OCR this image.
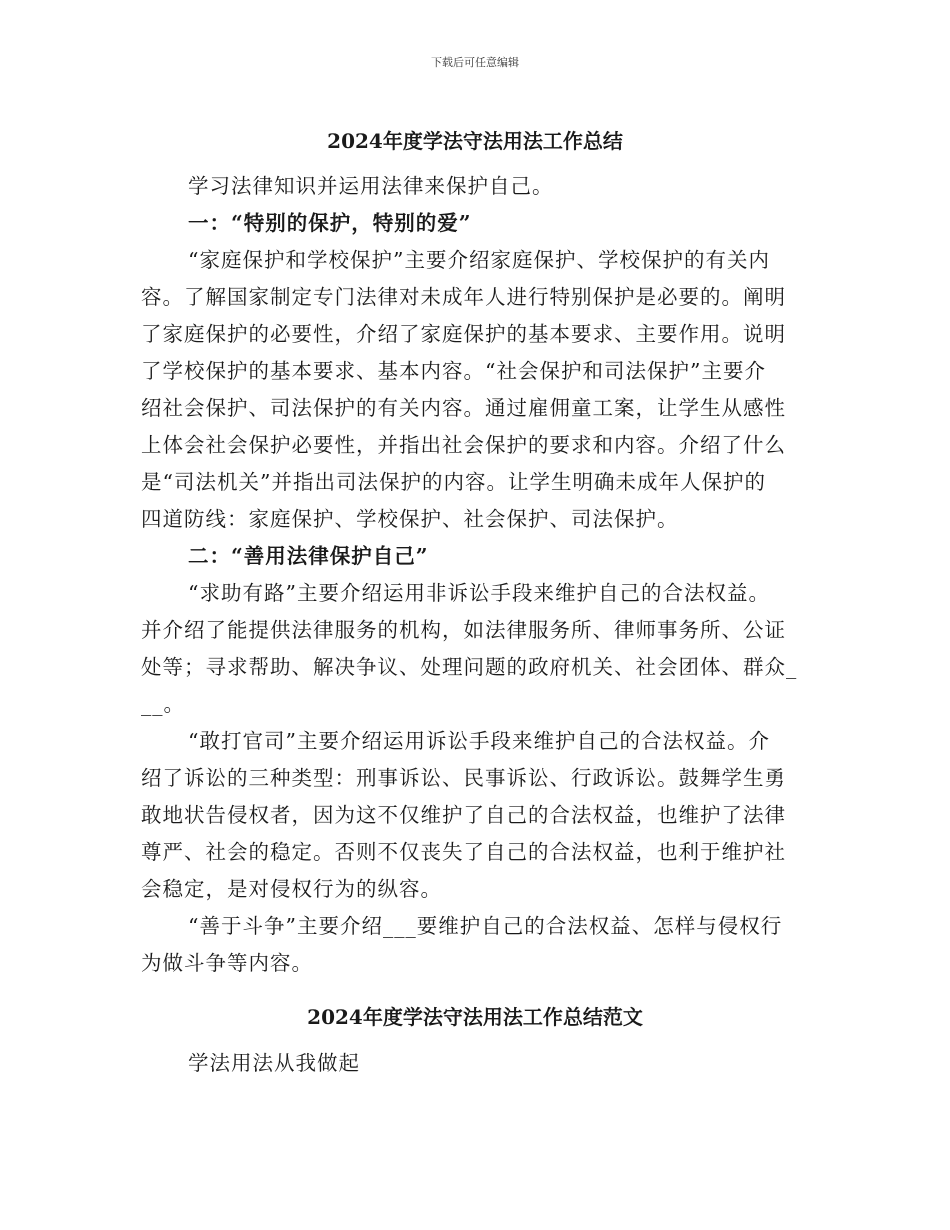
下载后可任意编辑
2024年度学法守法用法工作总结
学习法律知识并运用法律来保护自己。
一：“特别的保护，特别的爱”
“家庭保护和学校保护”主要介绍家庭保护、学校保护的有关内
容。了解国家制定专门法律对未成年人进行特别保护是必要的。阐明
了家庭保护的必要性，介绍了家庭保护的基本要求、主要作用。说明
了学校保护的基本要求、基本内容。“社会保护和司法保护”主要介
绍社会保护、司法保护的有关内容。通过雇佣童工案，让学生从感性
上体会社会保护必要性，并指出社会保护的要求和内容。介绍了什么
是“司法机关”并指出司法保护的内容。让学生明确未成年人保护的
四道防线：家庭保护、学校保护、社会保护、司法保护。
二：“善用法律保护自己”
“求助有路”主要介绍运用非诉讼手段来维护自己的合法权益。
并介绍了能提供法律服务的机构，如法律服务所、律师事务所、公证
处等；寻求帮助、解决争议、处理问题的政府机关、社会团体、群众_
__。
“敢打官司”主要介绍运用诉讼手段来维护自己的合法权益。介
绍了诉讼的三种类型：刑事诉讼、民事诉讼、行政诉讼。鼓舞学生勇
敢地状告侵权者，因为这不仅维护了自己的合法权益，也维护了法律
尊严、社会的稳定。否则不仅丧失了自己的合法权益，也利于维护社
会稳定，是对侵权行为的纵容。
“善于斗争”主要介绍___要维护自己的合法权益、怎样与侵权行
为做斗争等内容。
2024年度学法守法用法工作总结范文
学法用法从我做起
